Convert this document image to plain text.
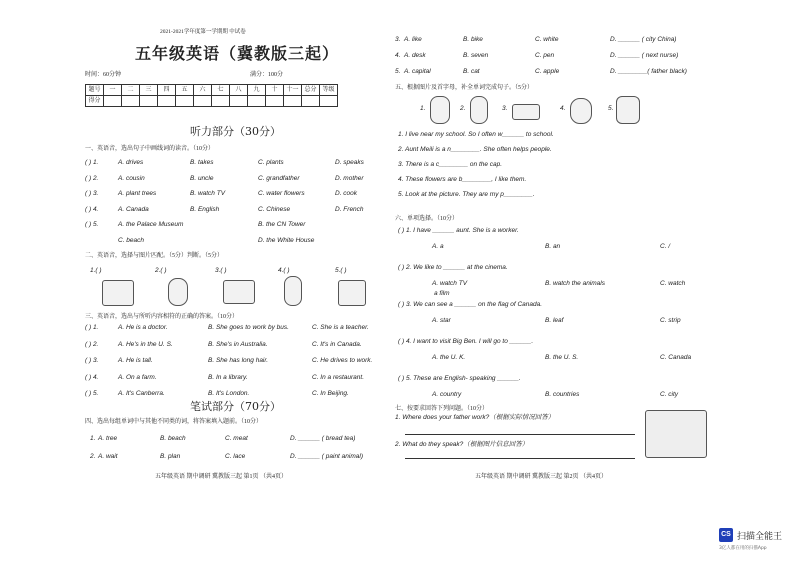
2021-2021学年度第一学期期 中试卷
五年级英语（冀教版三起）
时间：60分钟	满分：100分
题号	一	二	三	四	五	六	七	八	九	十	十一	总分	等级
得分													
听力部分（30分）
一、英语音，选出句子中画线词的读音。（10分）
( ) 1.	A. drives	B. takes	C. plants	D. speaks
( ) 2.	A. cousin	B. uncle	C. grandfather	D. mother
( ) 3.	A. plant trees	B. watch TV	C. water flowers	D. cook
( ) 4.	A. Canada	B. English	C. Chinese	D. French
( ) 5.	A. the Palace Museum	B. the CN Tower
C. beach	D. the White House
二、英语音，选择与图片匹配。（5分）判断。（5分）
1.( )	2.( )	3.( )	4.( )	5.( )
三、英语音，选出与所听内容相符的正确的答案。（10分）
( ) 1.	A. He is a doctor.	B. She goes to work by bus.	C. She is a teacher.
( ) 2.	A. He's in the U. S.	B. She's in Australia.	C. It's in Canada.
( ) 3.	A. He is tall.	B. She has long hair.	C. He drives to work.
( ) 4.	A. On a farm.	B. In a library.	C. In a restaurant.
( ) 5.	A. It's Canberra.	B. It's London.	C. In Beijing.
笔试部分（70分）
四、选出每组单词中与其他不同类的词，将答案填入题前。（10分）
1. A. tree	B. beach	C. meat	D. ______ ( bread tea)
2. A. wait	B. plan	C. lace	D. ______ ( paint animal)
五年级英语 期中调研 冀教版三起 第1页 （共4页）
3. A. like	B. bike	C. white	D. ______ ( city China)
4. A. desk	B. seven	C. pen	D. ______ ( next nurse)
5. A. capital	B. cat	C. apple	D. ________( father black)
五、根据图片及首字母，补全单词完成句子。（5分）
1.	2.	3.	4.	5.
1. I live near my school. So I often w______ to school.
2. Aunt Meili is a n________. She often helps people.
3. There is a c________ on the cap.
4. These flowers are b________, I like them.
5. Look at the picture. They are my p________.
六、单项选择。（10分）
( ) 1. I have ______ aunt. She is a worker.
A. a	B. an	C. /
( ) 2. We like to ______ at the cinema.
A. watch TV	B. watch the animals	C. watch
a film
( ) 3. We can see a ______ on the flag of Canada.
A. star	B. leaf	C. strip
( ) 4. I want to visit Big Ben. I will go to ______.
A. the U. K.	B. the U. S.	C. Canada
( ) 5. These are English- speaking ______.
A. country	B. countries	C. city
七、按要求回答下列问题。（10分）
1. Where does your father work?（根据实际情况回答）
2. What do they speak?（根据图片信息回答）
五年级英语 期中调研 冀教版三起 第2页 （共4页）
CS 扫描全能王
3亿人都在用的扫描App
